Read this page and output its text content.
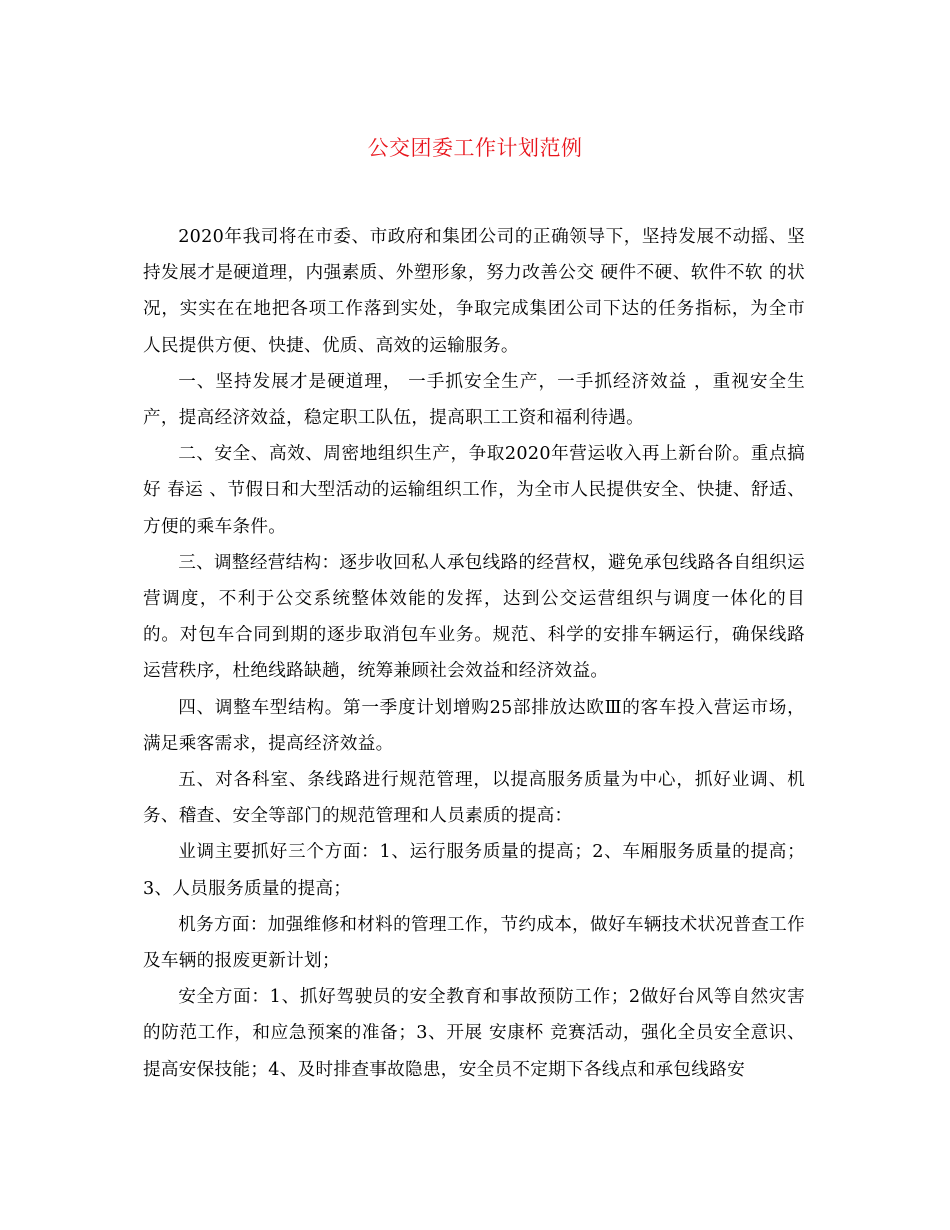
公交团委工作计划范例

2020年我司将在市委、市政府和集团公司的正确领导下，坚持发展不动摇、坚持发展才是硬道理，内强素质、外塑形象，努力改善公交 硬件不硬、软件不软 的状况，实实在在地把各项工作落到实处，争取完成集团公司下达的任务指标，为全市人民提供方便、快捷、优质、高效的运输服务。

一、坚持发展才是硬道理， 一手抓安全生产，一手抓经济效益 ，重视安全生产，提高经济效益，稳定职工队伍，提高职工工资和福利待遇。

二、安全、高效、周密地组织生产，争取2020年营运收入再上新台阶。重点搞好 春运 、节假日和大型活动的运输组织工作，为全市人民提供安全、快捷、舒适、方便的乘车条件。

三、调整经营结构：逐步收回私人承包线路的经营权，避免承包线路各自组织运营调度，不利于公交系统整体效能的发挥，达到公交运营组织与调度一体化的目的。对包车合同到期的逐步取消包车业务。规范、科学的安排车辆运行，确保线路运营秩序，杜绝线路缺趟，统筹兼顾社会效益和经济效益。

四、调整车型结构。第一季度计划增购25部排放达欧Ⅲ的客车投入营运市场，满足乘客需求，提高经济效益。

五、对各科室、条线路进行规范管理，以提高服务质量为中心，抓好业调、机务、稽查、安全等部门的规范管理和人员素质的提高：

业调主要抓好三个方面：1、运行服务质量的提高；2、车厢服务质量的提高；3、人员服务质量的提高；

机务方面：加强维修和材料的管理工作，节约成本，做好车辆技术状况普查工作及车辆的报废更新计划；

安全方面：1、抓好驾驶员的安全教育和事故预防工作；2做好台风等自然灾害的防范工作，和应急预案的准备；3、开展 安康杯 竞赛活动，强化全员安全意识、提高安保技能；4、及时排查事故隐患，安全员不定期下各线点和承包线路安
